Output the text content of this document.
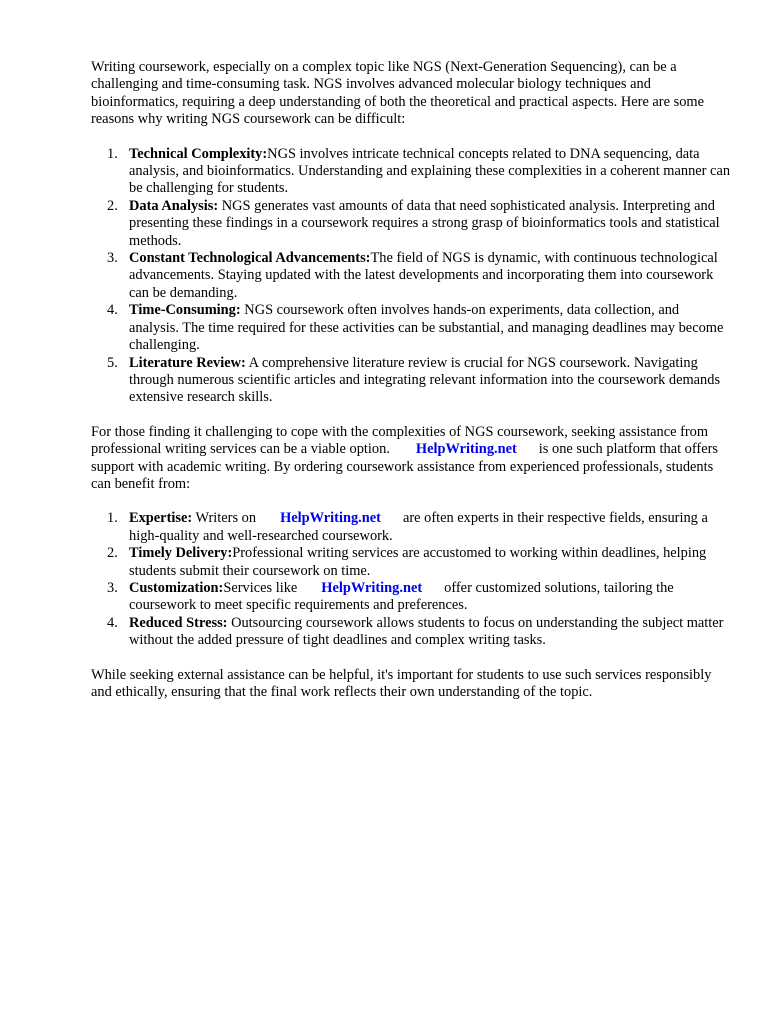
Writing coursework, especially on a complex topic like NGS (Next-Generation Sequencing), can be a challenging and time-consuming task. NGS involves advanced molecular biology techniques and bioinformatics, requiring a deep understanding of both the theoretical and practical aspects. Here are some reasons why writing NGS coursework can be difficult:

1. Technical Complexity:NGS involves intricate technical concepts related to DNA sequencing, data analysis, and bioinformatics. Understanding and explaining these complexities in a coherent manner can be challenging for students.
2. Data Analysis: NGS generates vast amounts of data that need sophisticated analysis. Interpreting and presenting these findings in a coursework requires a strong grasp of bioinformatics tools and statistical methods.
3. Constant Technological Advancements:The field of NGS is dynamic, with continuous technological advancements. Staying updated with the latest developments and incorporating them into coursework can be demanding.
4. Time-Consuming: NGS coursework often involves hands-on experiments, data collection, and analysis. The time required for these activities can be substantial, and managing deadlines may become challenging.
5. Literature Review: A comprehensive literature review is crucial for NGS coursework. Navigating through numerous scientific articles and integrating relevant information into the coursework demands extensive research skills.

For those finding it challenging to cope with the complexities of NGS coursework, seeking assistance from professional writing services can be a viable option. HelpWriting.net is one such platform that offers support with academic writing. By ordering coursework assistance from experienced professionals, students can benefit from:

1. Expertise: Writers on HelpWriting.net are often experts in their respective fields, ensuring a high-quality and well-researched coursework.
2. Timely Delivery:Professional writing services are accustomed to working within deadlines, helping students submit their coursework on time.
3. Customization:Services like HelpWriting.net offer customized solutions, tailoring the coursework to meet specific requirements and preferences.
4. Reduced Stress: Outsourcing coursework allows students to focus on understanding the subject matter without the added pressure of tight deadlines and complex writing tasks.

While seeking external assistance can be helpful, it's important for students to use such services responsibly and ethically, ensuring that the final work reflects their own understanding of the topic.
